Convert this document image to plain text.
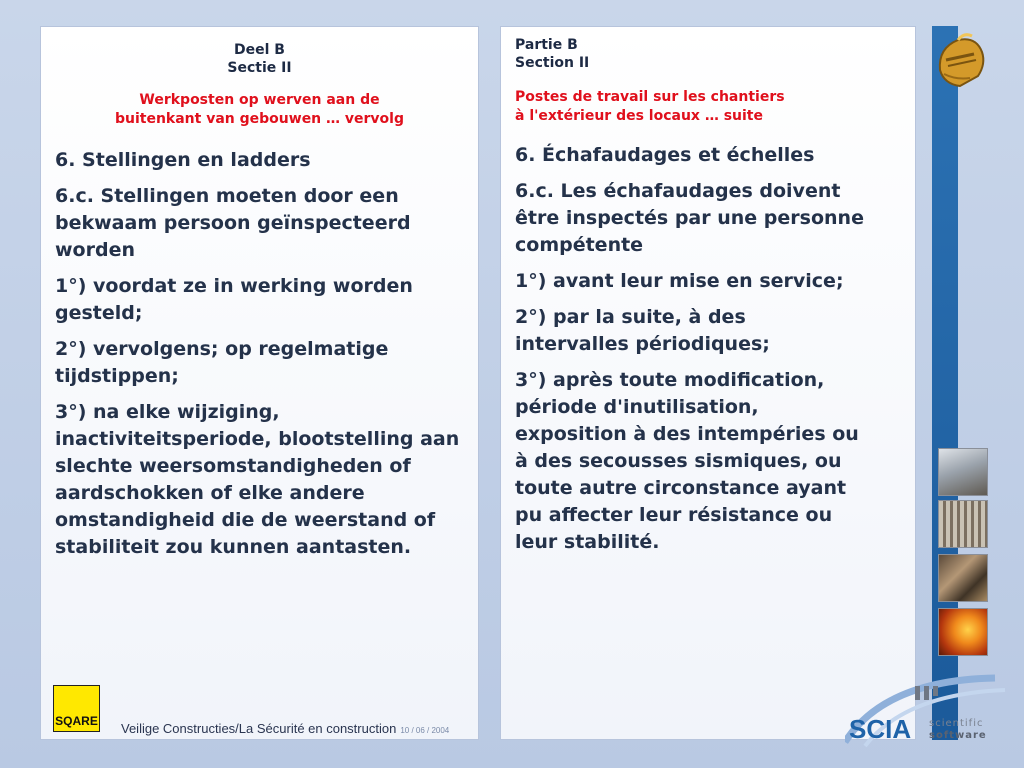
Deel B
Sectie II
Werkposten op werven aan de
buitenkant van gebouwen … vervolg

6. Stellingen en ladders

6.c. Stellingen moeten door een bekwaam persoon geïnspecteerd worden

1°) voordat ze in werking worden gesteld;

2°) vervolgens; op regelmatige tijdstippen;

3°) na elke wijziging, inactiviteitsperiode, blootstelling aan slechte weersomstandigheden of aardschokken of elke andere omstandigheid die de weerstand of stabiliteit zou kunnen aantasten.

Partie B
Section II
Postes de travail sur les chantiers
à l'extérieur des locaux … suite

6. Échafaudages et échelles

6.c. Les échafaudages doivent être inspectés par une personne compétente

1°) avant leur mise en service;

2°) par la suite, à des intervalles périodiques;

3°) après toute modification, période d'inutilisation, exposition à des intempéries ou à des secousses sismiques, ou toute autre circonstance ayant pu affecter leur résistance ou leur stabilité.

SQARE Veilige Constructies/La Sécurité en construction 10 / 06 / 2004	SCIA scientific
software
